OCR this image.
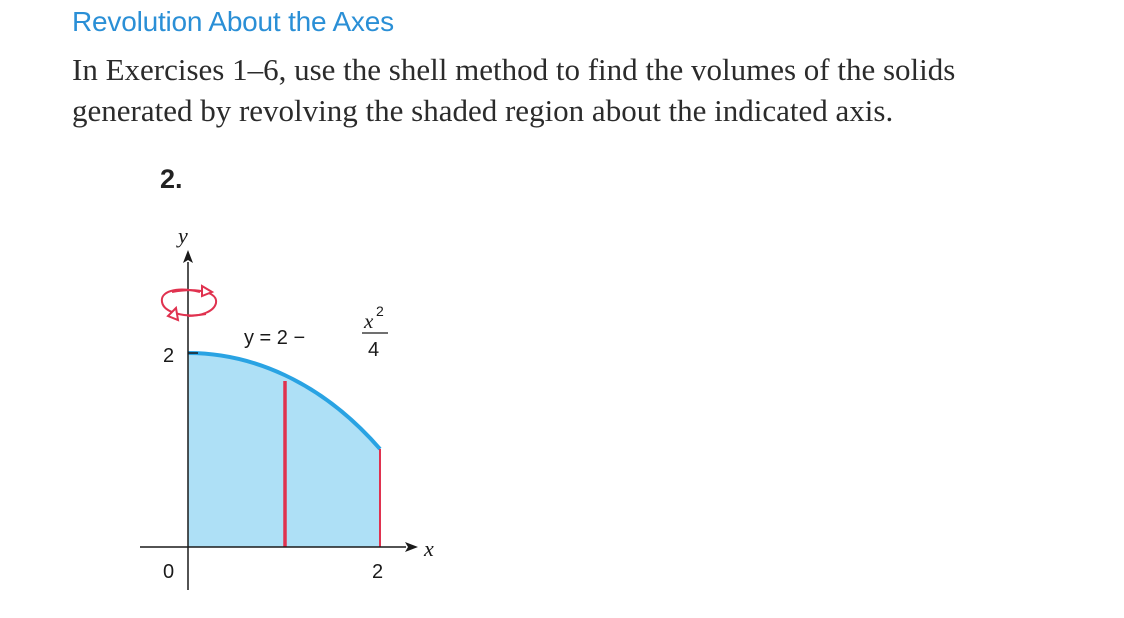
Revolution About the Axes

In Exercises 1–6, use the shell method to find the volumes of the solids

generated by revolving the shaded region about the indicated axis.

2.
y
x
2
0	2
y = 2 −
x 2
4
